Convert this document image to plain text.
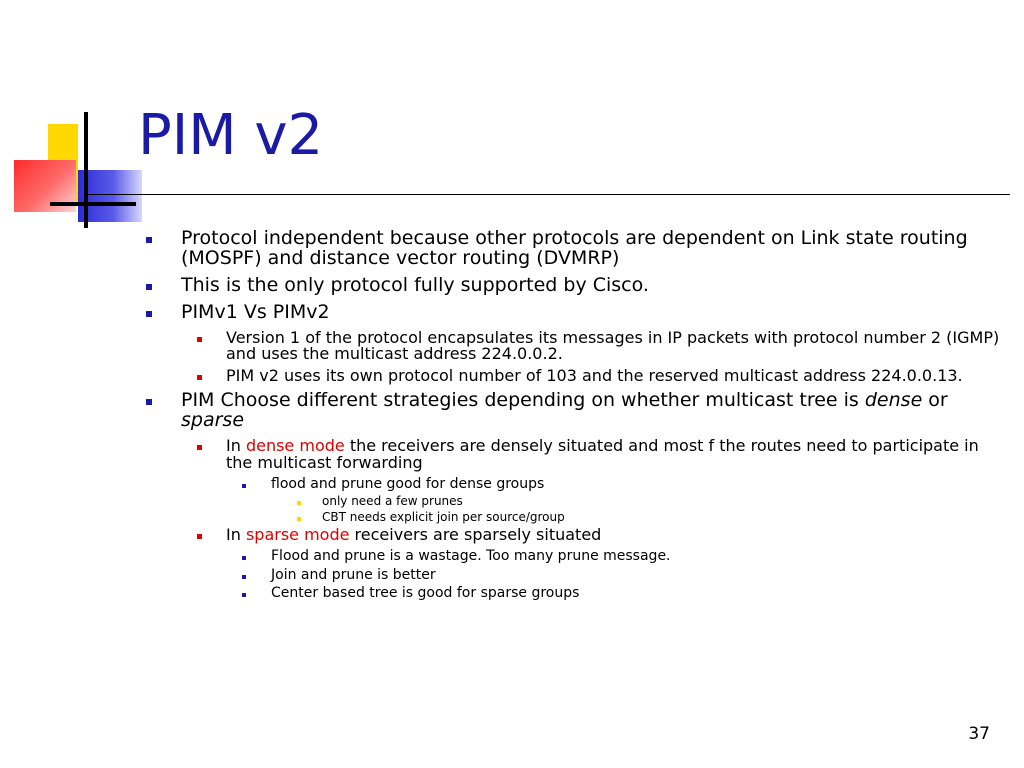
PIM v2
Protocol independent because other protocols are dependent on Link state routing (MOSPF) and distance vector routing (DVMRP)
This is the only protocol fully supported by Cisco.
PIMv1 Vs PIMv2
Version 1 of the protocol encapsulates its messages in IP packets with protocol number 2 (IGMP) and uses the multicast address 224.0.0.2.
PIM v2 uses its own protocol number of 103 and the reserved multicast address 224.0.0.13.
PIM Choose different strategies depending on whether multicast tree is dense or sparse
In dense mode the receivers are densely situated and most f the routes need to participate in the multicast forwarding
flood and prune good for dense groups
only need a few prunes
CBT needs explicit join per source/group
In sparse mode receivers are sparsely situated
Flood and prune is a wastage. Too many prune message.
Join and prune is better
Center based tree is good for sparse groups
37
